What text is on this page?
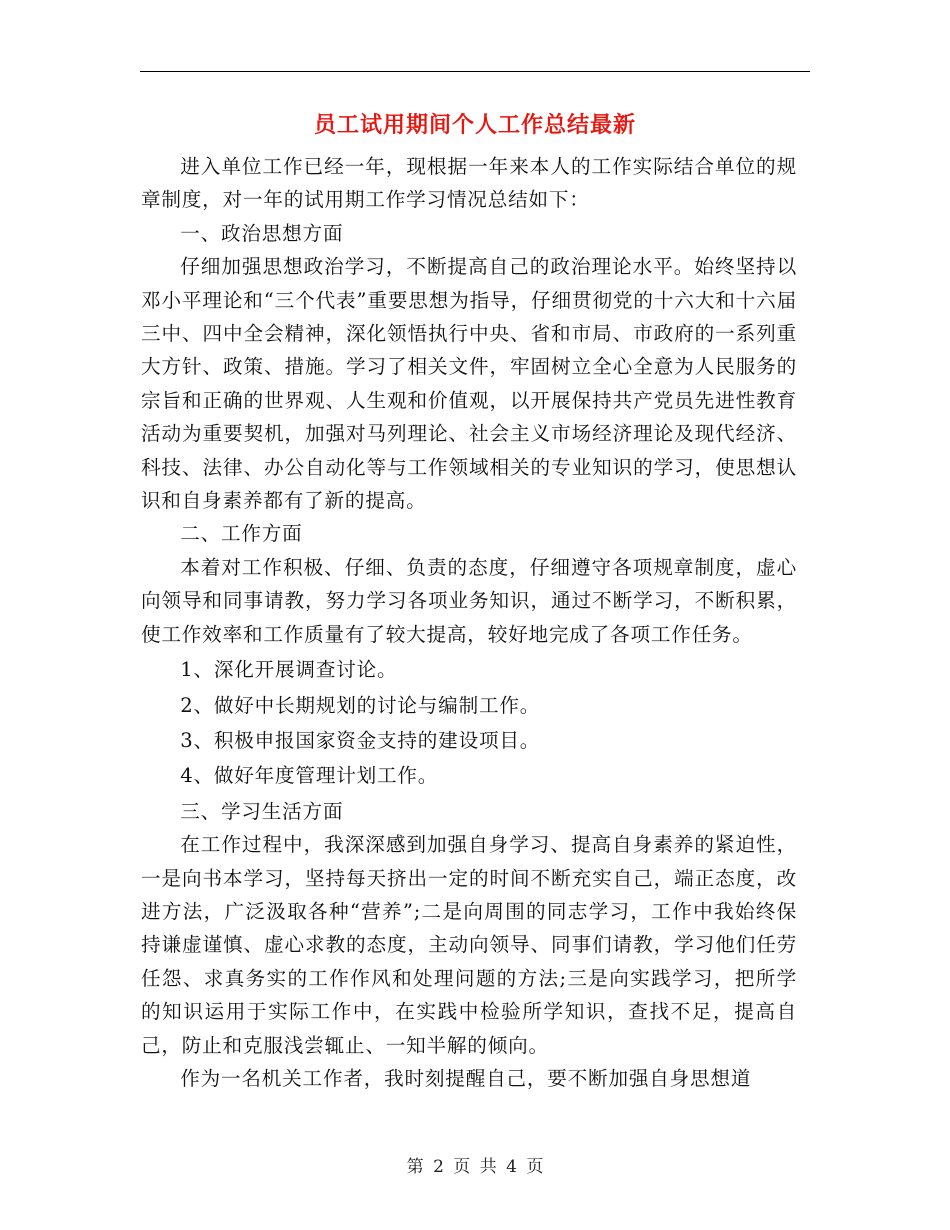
员工试用期间个人工作总结最新

进入单位工作已经一年，现根据一年来本人的工作实际结合单位的规章制度，对一年的试用期工作学习情况总结如下：

一、政治思想方面

仔细加强思想政治学习，不断提高自己的政治理论水平。始终坚持以邓小平理论和“三个代表”重要思想为指导，仔细贯彻党的十六大和十六届三中、四中全会精神，深化领悟执行中央、省和市局、市政府的一系列重大方针、政策、措施。学习了相关文件，牢固树立全心全意为人民服务的宗旨和正确的世界观、人生观和价值观，以开展保持共产党员先进性教育活动为重要契机，加强对马列理论、社会主义市场经济理论及现代经济、科技、法律、办公自动化等与工作领域相关的专业知识的学习，使思想认识和自身素养都有了新的提高。

二、工作方面

本着对工作积极、仔细、负责的态度，仔细遵守各项规章制度，虚心向领导和同事请教，努力学习各项业务知识，通过不断学习，不断积累，使工作效率和工作质量有了较大提高，较好地完成了各项工作任务。

1、深化开展调查讨论。

2、做好中长期规划的讨论与编制工作。

3、积极申报国家资金支持的建设项目。

4、做好年度管理计划工作。

三、学习生活方面

在工作过程中，我深深感到加强自身学习、提高自身素养的紧迫性，一是向书本学习，坚持每天挤出一定的时间不断充实自己，端正态度，改进方法，广泛汲取各种“营养”;二是向周围的同志学习，工作中我始终保持谦虚谨慎、虚心求教的态度，主动向领导、同事们请教，学习他们任劳任怨、求真务实的工作作风和处理问题的方法;三是向实践学习，把所学的知识运用于实际工作中，在实践中检验所学知识，查找不足，提高自己，防止和克服浅尝辄止、一知半解的倾向。

作为一名机关工作者，我时刻提醒自己，要不断加强自身思想道

第 2 页 共 4 页
